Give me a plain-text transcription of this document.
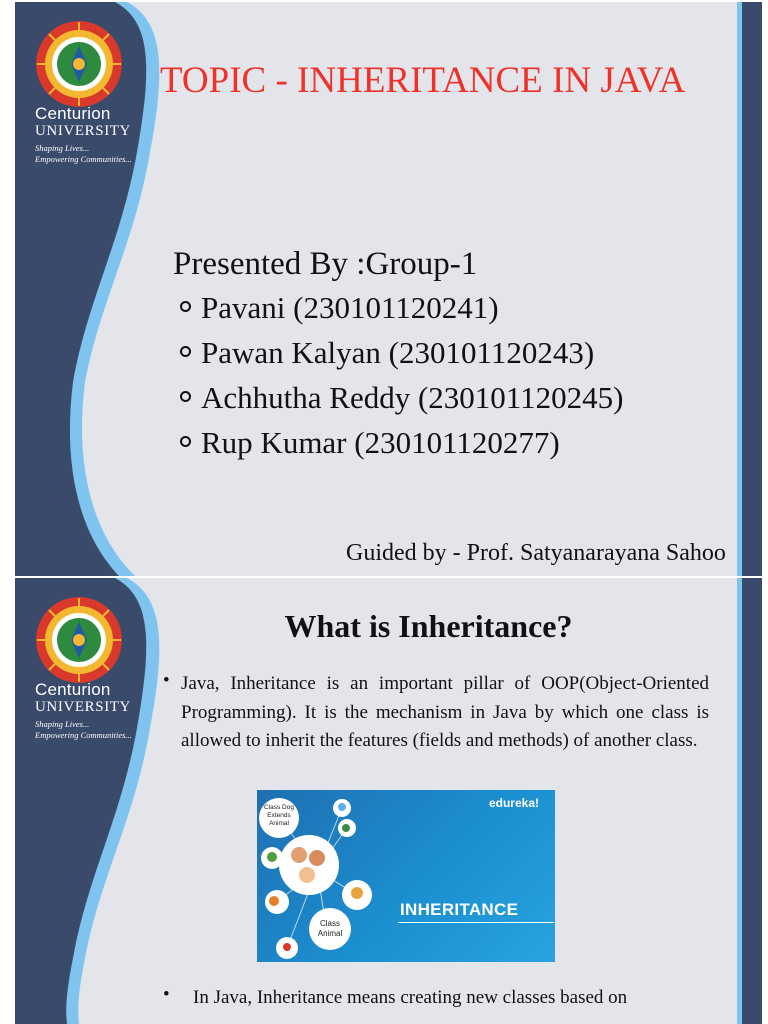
Centurion
UNIVERSITY
Shaping Lives...
Empowering Communities...
TOPIC - INHERITANCE IN JAVA
Presented By :Group-1
Pavani (230101120241)
Pawan Kalyan (230101120243)
Achhutha Reddy (230101120245)
Rup Kumar (230101120277)
Guided by - Prof. Satyanarayana Sahoo
Centurion
UNIVERSITY
Shaping Lives...
Empowering Communities...
What is Inheritance?
• Java, Inheritance is an important pillar of OOP(Object-Oriented Programming). It is the mechanism in Java by which one class is allowed to inherit the features (fields and methods) of another class.
Class Dog Extends Animal
Class Animal
edureka!
INHERITANCE
•	In Java, Inheritance means creating new classes based on
